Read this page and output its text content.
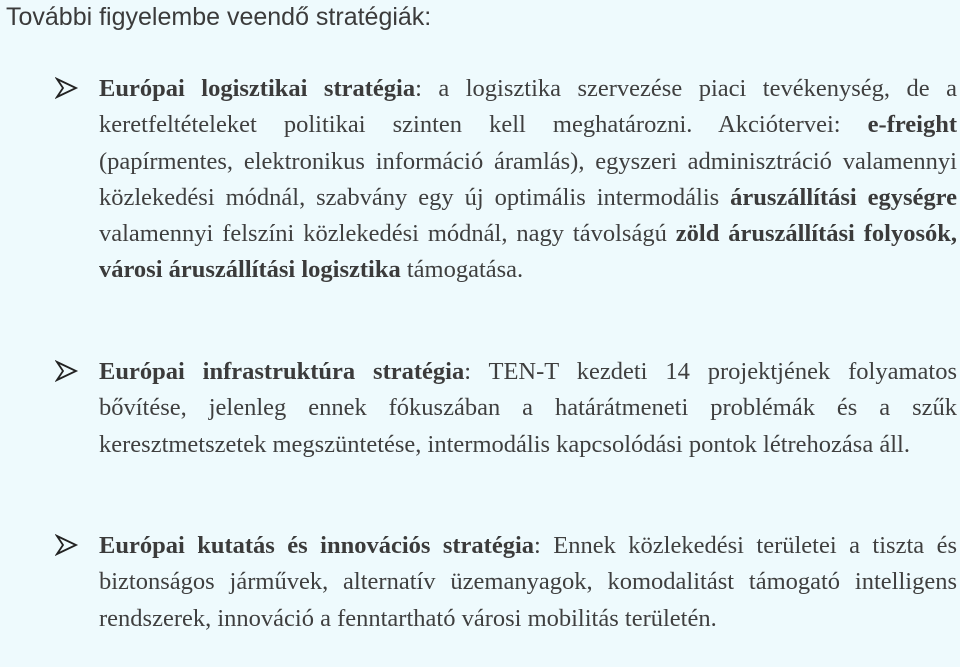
További figyelembe veendő stratégiák:
Európai logisztikai stratégia: a logisztika szervezése piaci tevékenység, de a keretfeltételeket politikai szinten kell meghatározni. Akciótervei: e-freight (papírmentes, elektronikus információ áramlás), egyszeri adminisztráció valamennyi közlekedési módnál, szabvány egy új optimális intermodális áruszállítási egységre valamennyi felszíni közlekedési módnál, nagy távolságú zöld áruszállítási folyosók, városi áruszállítási logisztika támogatása.
Európai infrastruktúra stratégia: TEN-T kezdeti 14 projektjének folyamatos bővítése, jelenleg ennek fókuszában a határátmeneti problémák és a szűk keresztmetszetek megszüntetése, intermodális kapcsolódási pontok létrehozása áll.
Európai kutatás és innovációs stratégia: Ennek közlekedési területei a tiszta és biztonságos járművek, alternatív üzemanyagok, komodalitást támogató intelligens rendszerek, innováció a fenntartható városi mobilitás területén.
